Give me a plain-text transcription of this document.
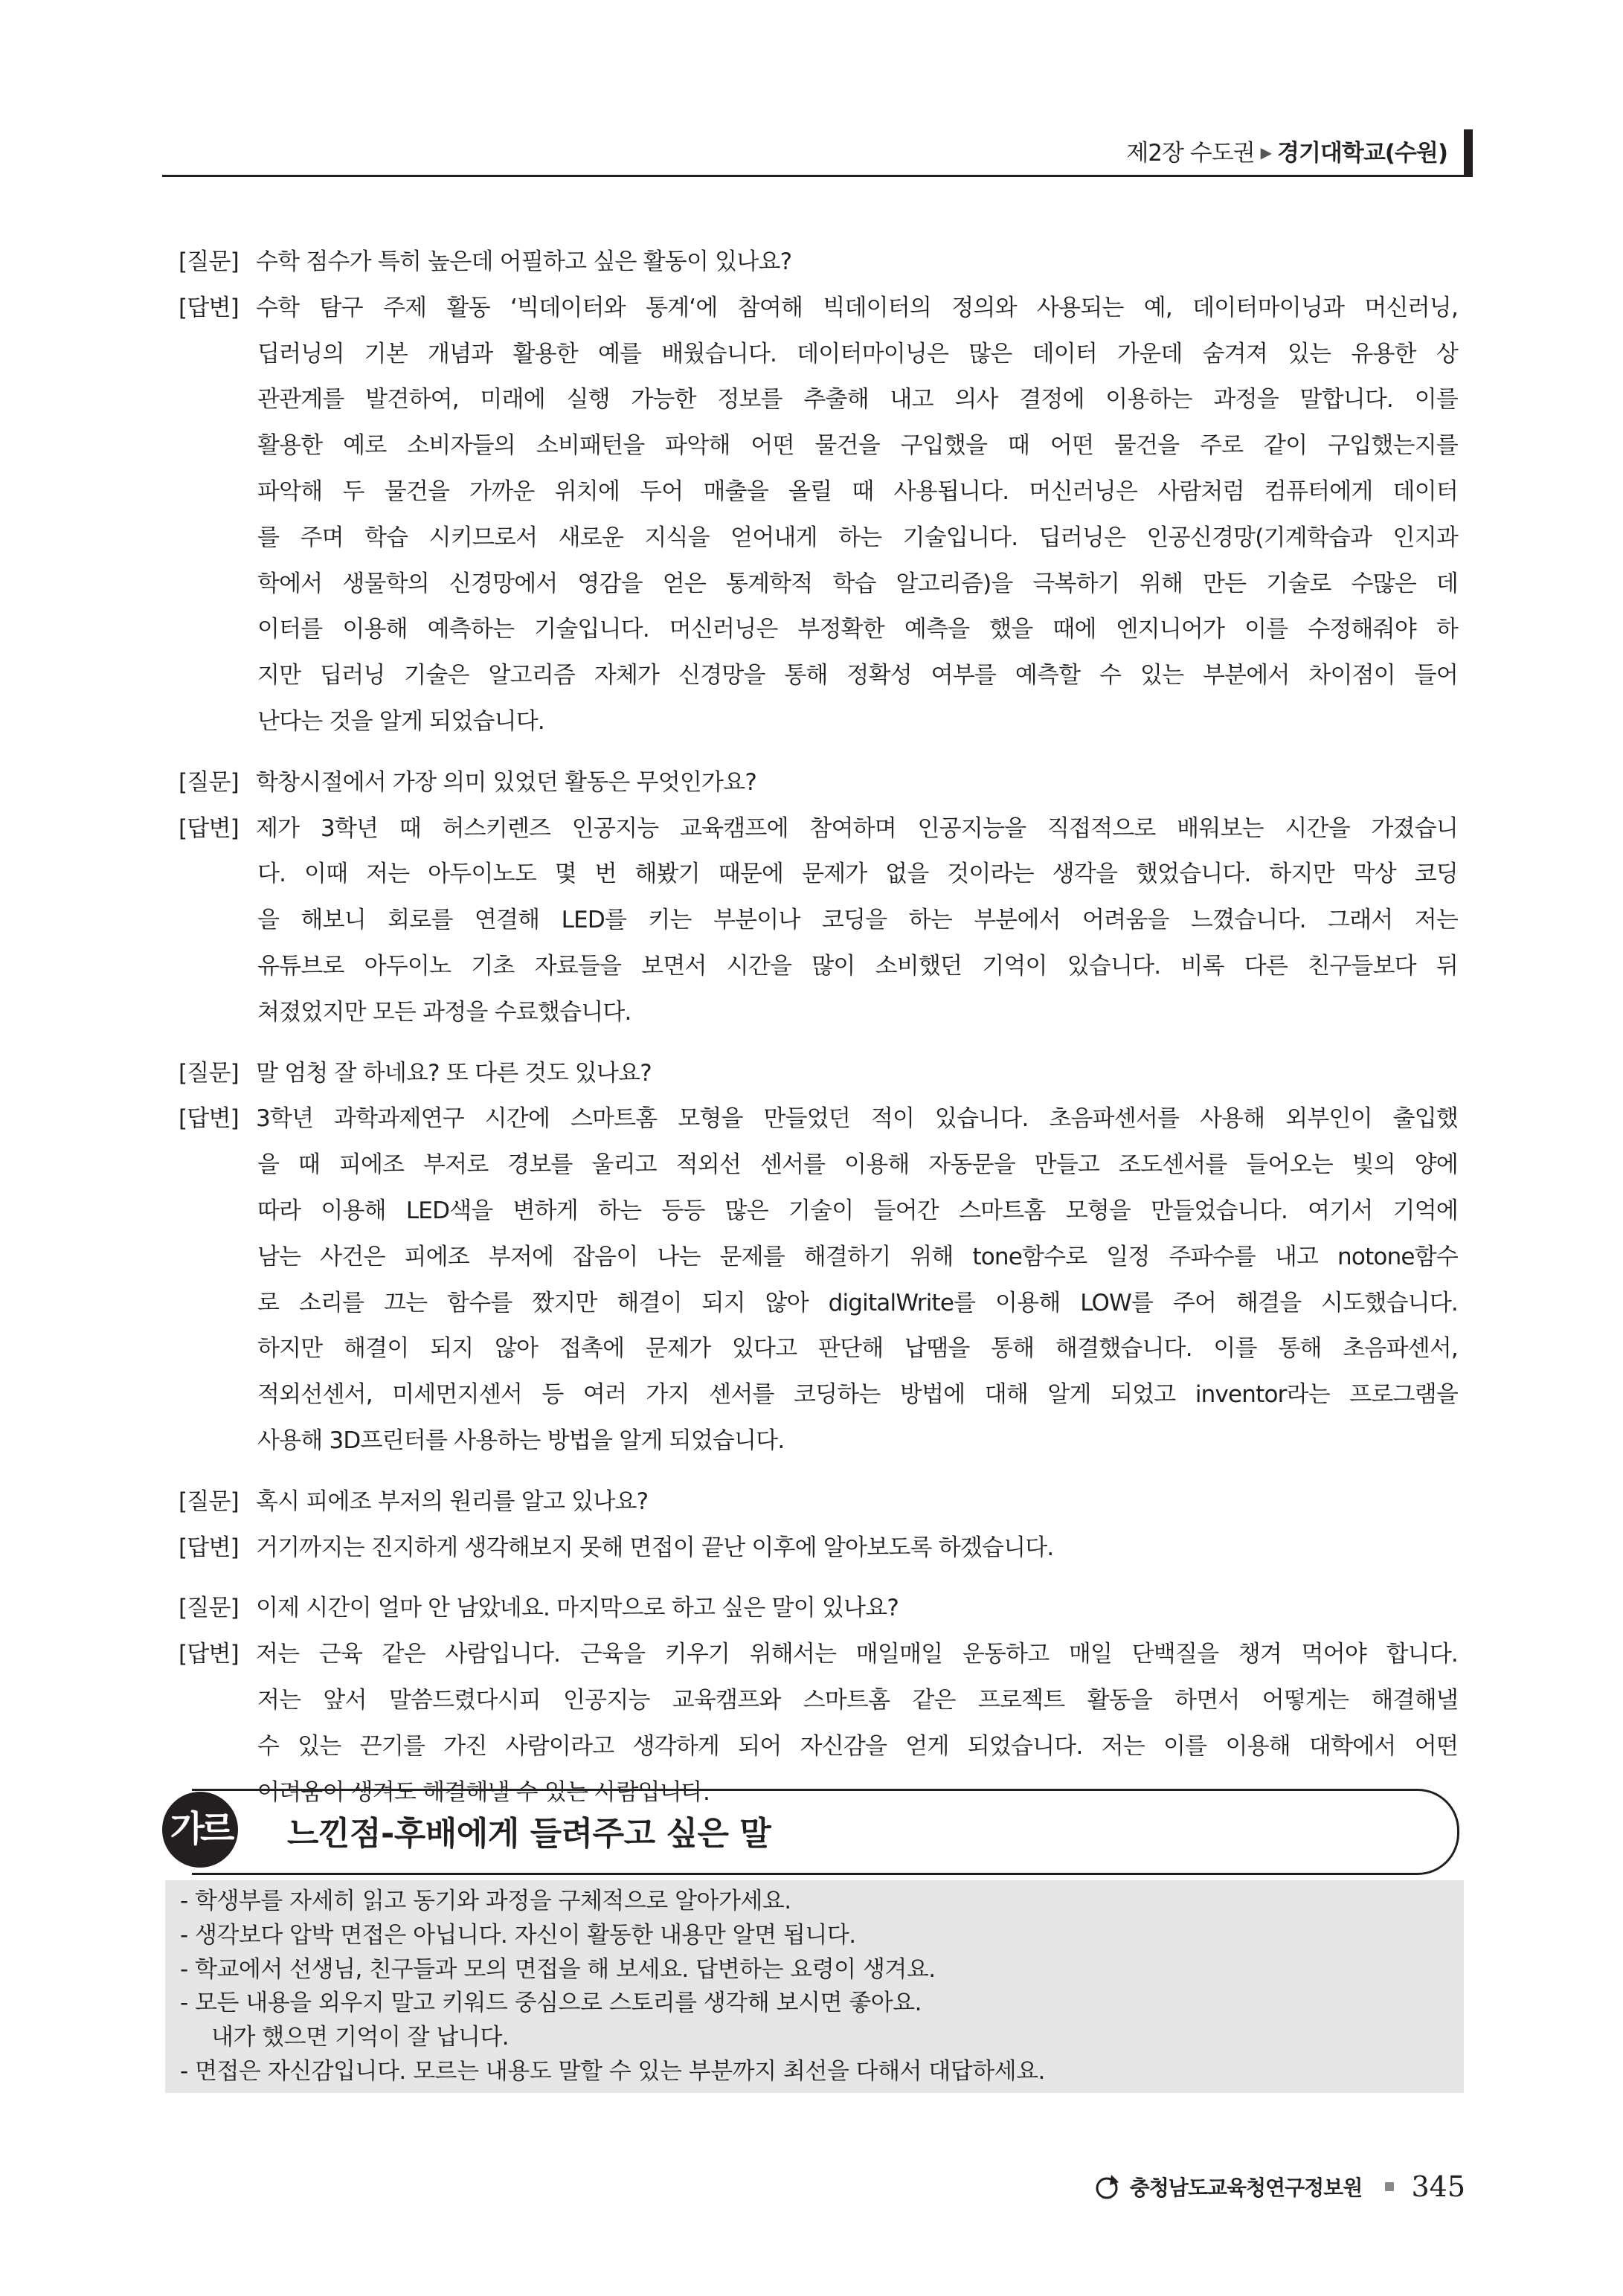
제2장 수도권 ▶ 경기대학교(수원)
[질문] 수학 점수가 특히 높은데 어필하고 싶은 활동이 있나요?
[답변] 수학 탐구 주제 활동 ‘빅데이터와 통계‘에 참여해 빅데이터의 정의와 사용되는 예, 데이터마이닝과 머신러닝,
딥러닝의 기본 개념과 활용한 예를 배웠습니다. 데이터마이닝은 많은 데이터 가운데 숨겨져 있는 유용한 상
관관계를 발견하여, 미래에 실행 가능한 정보를 추출해 내고 의사 결정에 이용하는 과정을 말합니다. 이를
활용한 예로 소비자들의 소비패턴을 파악해 어떤 물건을 구입했을 때 어떤 물건을 주로 같이 구입했는지를
파악해 두 물건을 가까운 위치에 두어 매출을 올릴 때 사용됩니다. 머신러닝은 사람처럼 컴퓨터에게 데이터
를 주며 학습 시키므로서 새로운 지식을 얻어내게 하는 기술입니다. 딥러닝은 인공신경망(기계학습과 인지과
학에서 생물학의 신경망에서 영감을 얻은 통계학적 학습 알고리즘)을 극복하기 위해 만든 기술로 수많은 데
이터를 이용해 예측하는 기술입니다. 머신러닝은 부정확한 예측을 했을 때에 엔지니어가 이를 수정해줘야 하
지만 딥러닝 기술은 알고리즘 자체가 신경망을 통해 정확성 여부를 예측할 수 있는 부분에서 차이점이 들어
난다는 것을 알게 되었습니다.
[질문] 학창시절에서 가장 의미 있었던 활동은 무엇인가요?
[답변] 제가 3학년 때 허스키렌즈 인공지능 교육캠프에 참여하며 인공지능을 직접적으로 배워보는 시간을 가졌습니
다. 이때 저는 아두이노도 몇 번 해봤기 때문에 문제가 없을 것이라는 생각을 했었습니다. 하지만 막상 코딩
을 해보니 회로를 연결해 LED를 키는 부분이나 코딩을 하는 부분에서 어려움을 느꼈습니다. 그래서 저는
유튜브로 아두이노 기초 자료들을 보면서 시간을 많이 소비했던 기억이 있습니다. 비록 다른 친구들보다 뒤
쳐졌었지만 모든 과정을 수료했습니다.
[질문] 말 엄청 잘 하네요? 또 다른 것도 있나요?
[답변] 3학년 과학과제연구 시간에 스마트홈 모형을 만들었던 적이 있습니다. 초음파센서를 사용해 외부인이 출입했
을 때 피에조 부저로 경보를 울리고 적외선 센서를 이용해 자동문을 만들고 조도센서를 들어오는 빛의 양에
따라 이용해 LED색을 변하게 하는 등등 많은 기술이 들어간 스마트홈 모형을 만들었습니다. 여기서 기억에
남는 사건은 피에조 부저에 잡음이 나는 문제를 해결하기 위해 tone함수로 일정 주파수를 내고 notone함수
로 소리를 끄는 함수를 짰지만 해결이 되지 않아 digitalWrite를 이용해 LOW를 주어 해결을 시도했습니다.
하지만 해결이 되지 않아 접촉에 문제가 있다고 판단해 납땜을 통해 해결했습니다. 이를 통해 초음파센서,
적외선센서, 미세먼지센서 등 여러 가지 센서를 코딩하는 방법에 대해 알게 되었고 inventor라는 프로그램을
사용해 3D프린터를 사용하는 방법을 알게 되었습니다.
[질문] 혹시 피에조 부저의 원리를 알고 있나요?
[답변] 거기까지는 진지하게 생각해보지 못해 면접이 끝난 이후에 알아보도록 하겠습니다.
[질문] 이제 시간이 얼마 안 남았네요. 마지막으로 하고 싶은 말이 있나요?
[답변] 저는 근육 같은 사람입니다. 근육을 키우기 위해서는 매일매일 운동하고 매일 단백질을 챙겨 먹어야 합니다.
저는 앞서 말씀드렸다시피 인공지능 교육캠프와 스마트홈 같은 프로젝트 활동을 하면서 어떻게는 해결해낼
수 있는 끈기를 가진 사람이라고 생각하게 되어 자신감을 얻게 되었습니다. 저는 이를 이용해 대학에서 어떤
어려움이 생겨도 해결해낼 수 있는 사람입니다.
가르 느낀점-후배에게 들려주고 싶은 말
- 학생부를 자세히 읽고 동기와 과정을 구체적으로 알아가세요.
- 생각보다 압박 면접은 아닙니다. 자신이 활동한 내용만 알면 됩니다.
- 학교에서 선생님, 친구들과 모의 면접을 해 보세요. 답변하는 요령이 생겨요.
- 모든 내용을 외우지 말고 키워드 중심으로 스토리를 생각해 보시면 좋아요.
내가 했으면 기억이 잘 납니다.
- 면접은 자신감입니다. 모르는 내용도 말할 수 있는 부분까지 최선을 다해서 대답하세요.
충청남도교육청연구정보원 345
